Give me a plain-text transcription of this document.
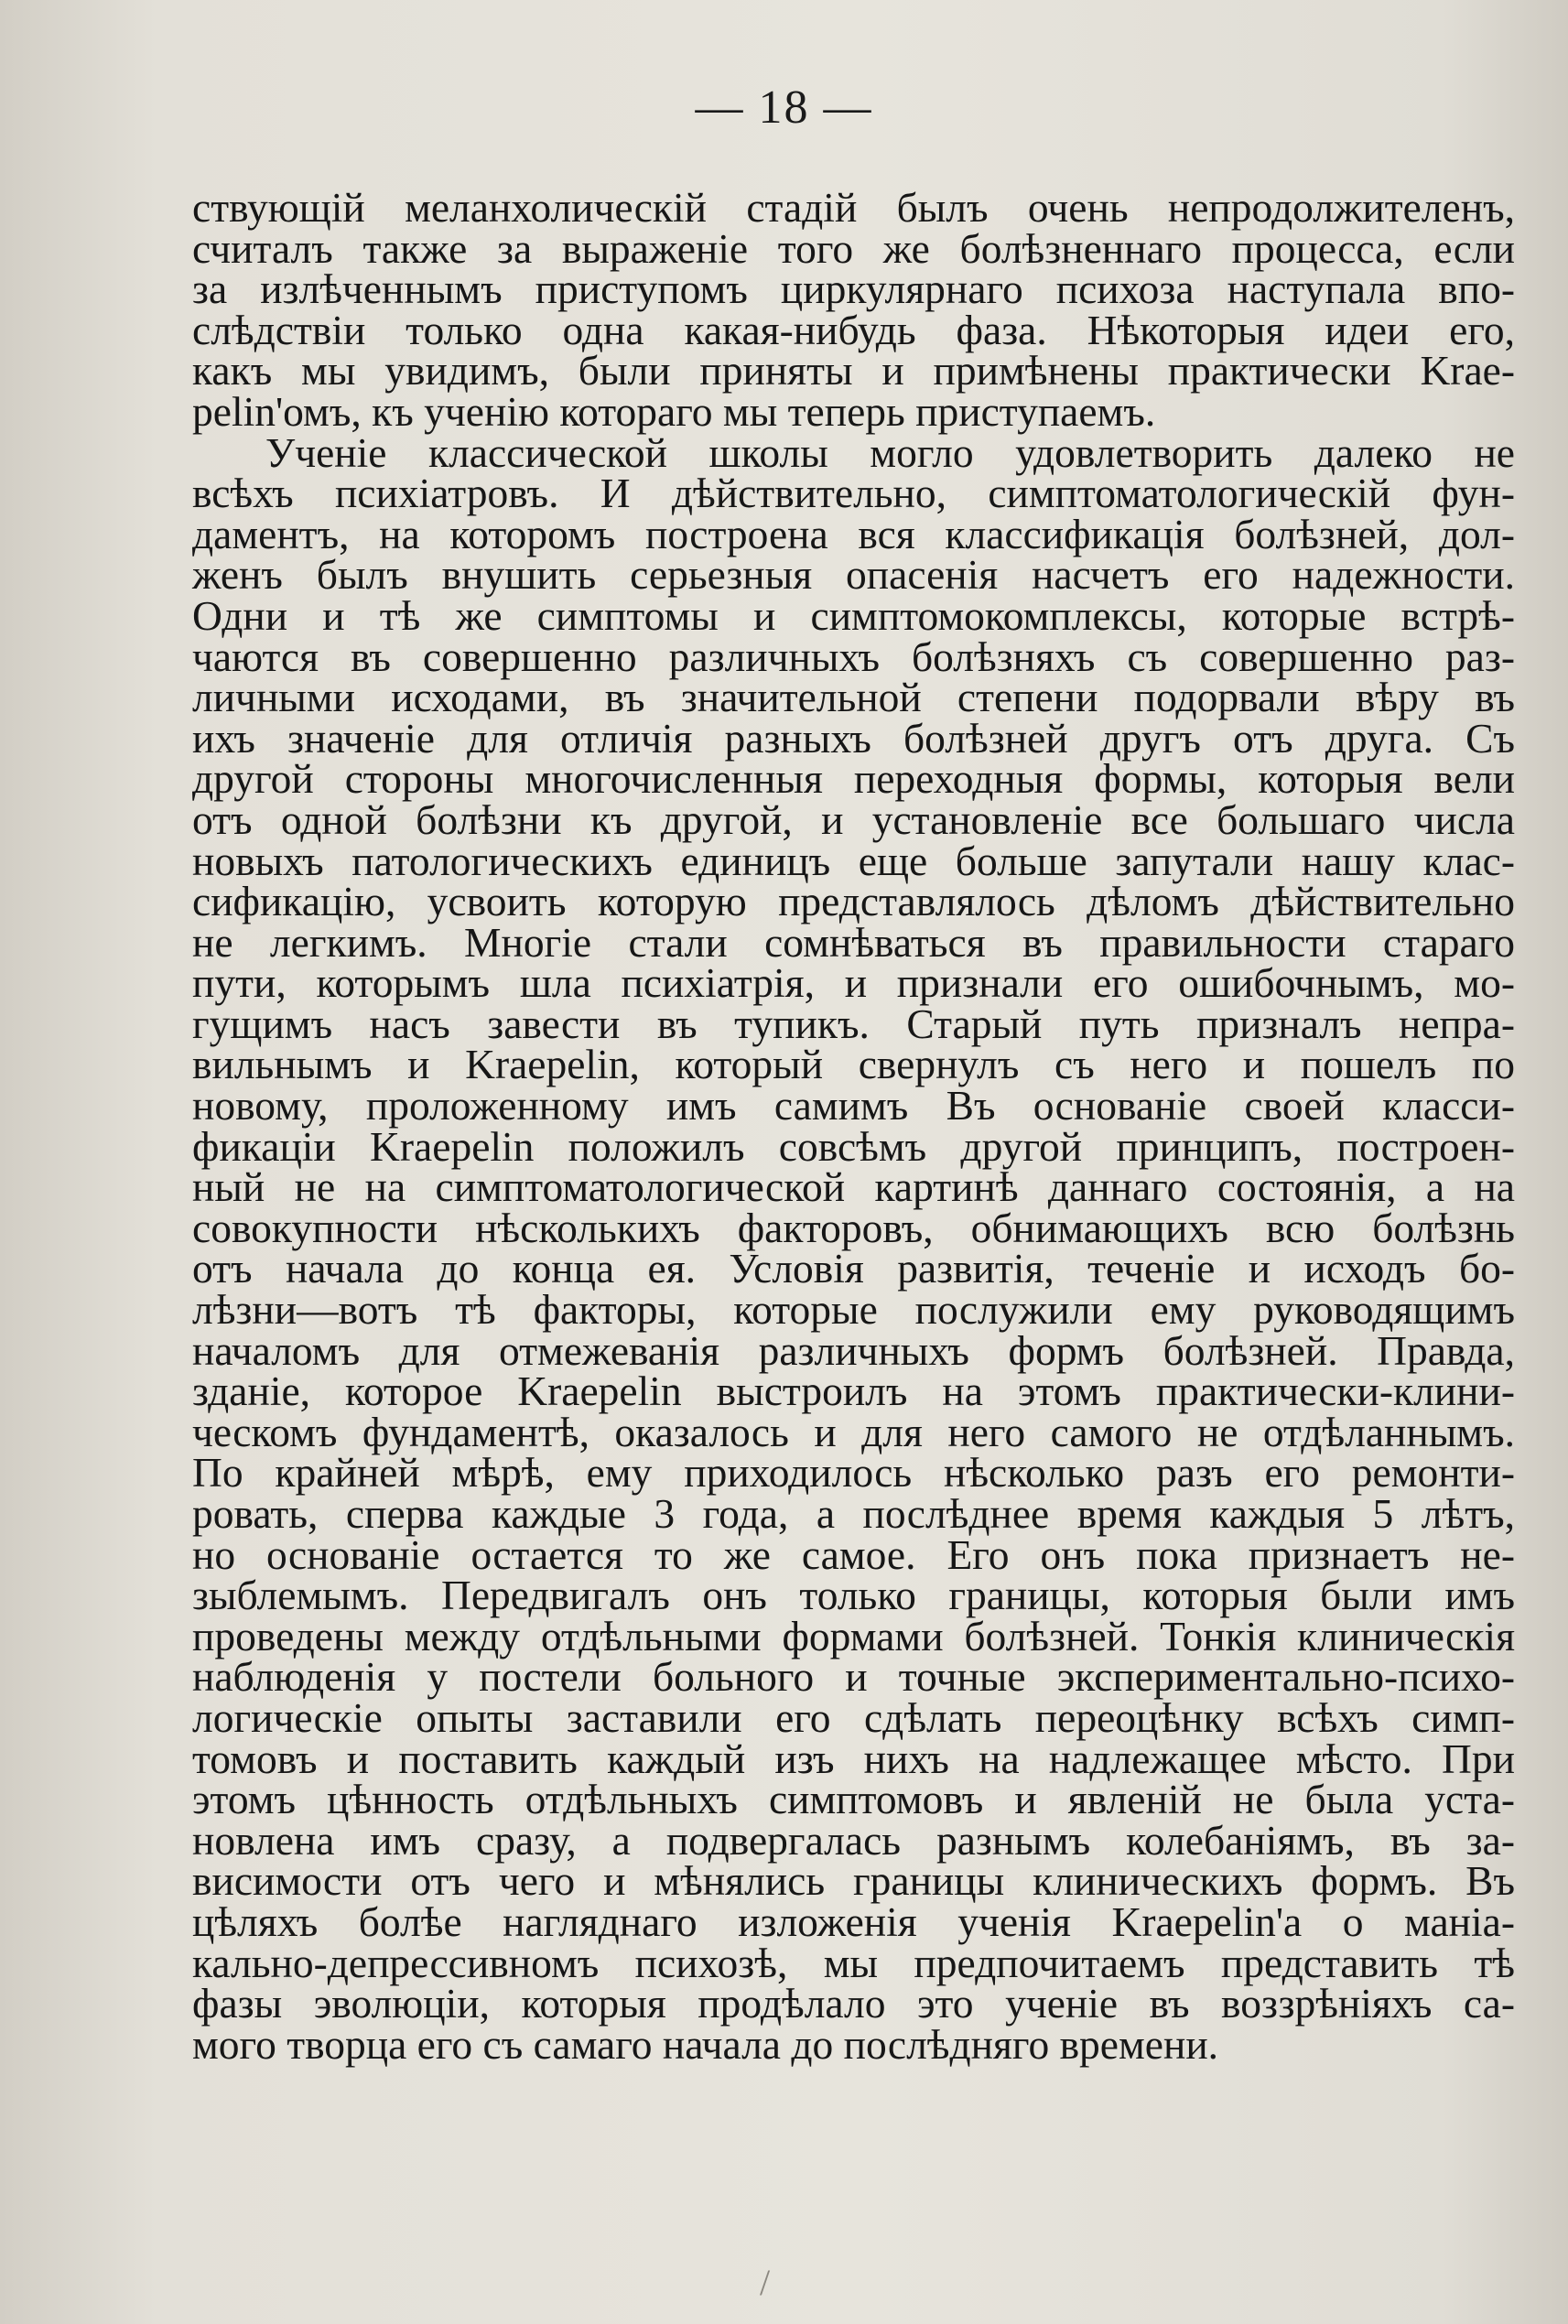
— 18 —
ствующій меланхолическій стадій былъ очень непродолжителенъ,
считалъ также за выраженіе того же болѣзненнаго процесса, если
за излѣченнымъ приступомъ циркулярнаго психоза наступала впо-
слѣдствіи только одна какая-нибудь фаза. Нѣкоторыя идеи его,
какъ мы увидимъ, были приняты и примѣнены практически Krae-
pelin'омъ, къ ученію котораго мы теперь приступаемъ.
Ученіе классической школы могло удовлетворить далеко не
всѣхъ психіатровъ. И дѣйствительно, симптоматологическій фун-
даментъ, на которомъ построена вся классификація болѣзней, дол-
женъ былъ внушить серьезныя опасенія насчетъ его надежности.
Одни и тѣ же симптомы и симптомокомплексы, которые встрѣ-
чаются въ совершенно различныхъ болѣзняхъ съ совершенно раз-
личными исходами, въ значительной степени подорвали вѣру въ
ихъ значеніе для отличія разныхъ болѣзней другъ отъ друга. Съ
другой стороны многочисленныя переходныя формы, которыя вели
отъ одной болѣзни къ другой, и установленіе все большаго числа
новыхъ патологическихъ единицъ еще больше запутали нашу клас-
сификацію, усвоить которую представлялось дѣломъ дѣйствительно
не легкимъ. Многіе стали сомнѣваться въ правильности стараго
пути, которымъ шла психіатрія, и признали его ошибочнымъ, мо-
гущимъ насъ завести въ тупикъ. Старый путь призналъ непра-
вильнымъ и Kraepelin, который свернулъ съ него и пошелъ по
новому, проложенному имъ самимъ Въ основаніе своей класси-
фикаціи Kraepelin положилъ совсѣмъ другой принципъ, построен-
ный не на симптоматологической картинѣ даннаго состоянія, а на
совокупности нѣсколькихъ факторовъ, обнимающихъ всю болѣзнь
отъ начала до конца ея. Условія развитія, теченіе и исходъ бо-
лѣзни—вотъ тѣ факторы, которые послужили ему руководящимъ
началомъ для отмежеванія различныхъ формъ болѣзней. Правда,
зданіе, которое Kraepelin выстроилъ на этомъ практически-клини-
ческомъ фундаментѣ, оказалось и для него самого не отдѣланнымъ.
По крайней мѣрѣ, ему приходилось нѣсколько разъ его ремонти-
ровать, сперва каждые 3 года, а послѣднее время каждыя 5 лѣтъ,
но основаніе остается то же самое. Его онъ пока признаетъ не-
зыблемымъ. Передвигалъ онъ только границы, которыя были имъ
проведены между отдѣльными формами болѣзней. Тонкія клиническія
наблюденія у постели больного и точные экспериментально-психо-
логическіе опыты заставили его сдѣлать переоцѣнку всѣхъ симп-
томовъ и поставить каждый изъ нихъ на надлежащее мѣсто. При
этомъ цѣнность отдѣльныхъ симптомовъ и явленій не была уста-
новлена имъ сразу, а подвергалась разнымъ колебаніямъ, въ за-
висимости отъ чего и мѣнялись границы клиническихъ формъ. Въ
цѣляхъ болѣе нагляднаго изложенія ученія Kraepelin'а о маніа-
кально-депрессивномъ психозѣ, мы предпочитаемъ представить тѣ
фазы эволюціи, которыя продѣлало это ученіе въ воззрѣніяхъ са-
мого творца его съ самаго начала до послѣдняго времени.
/
